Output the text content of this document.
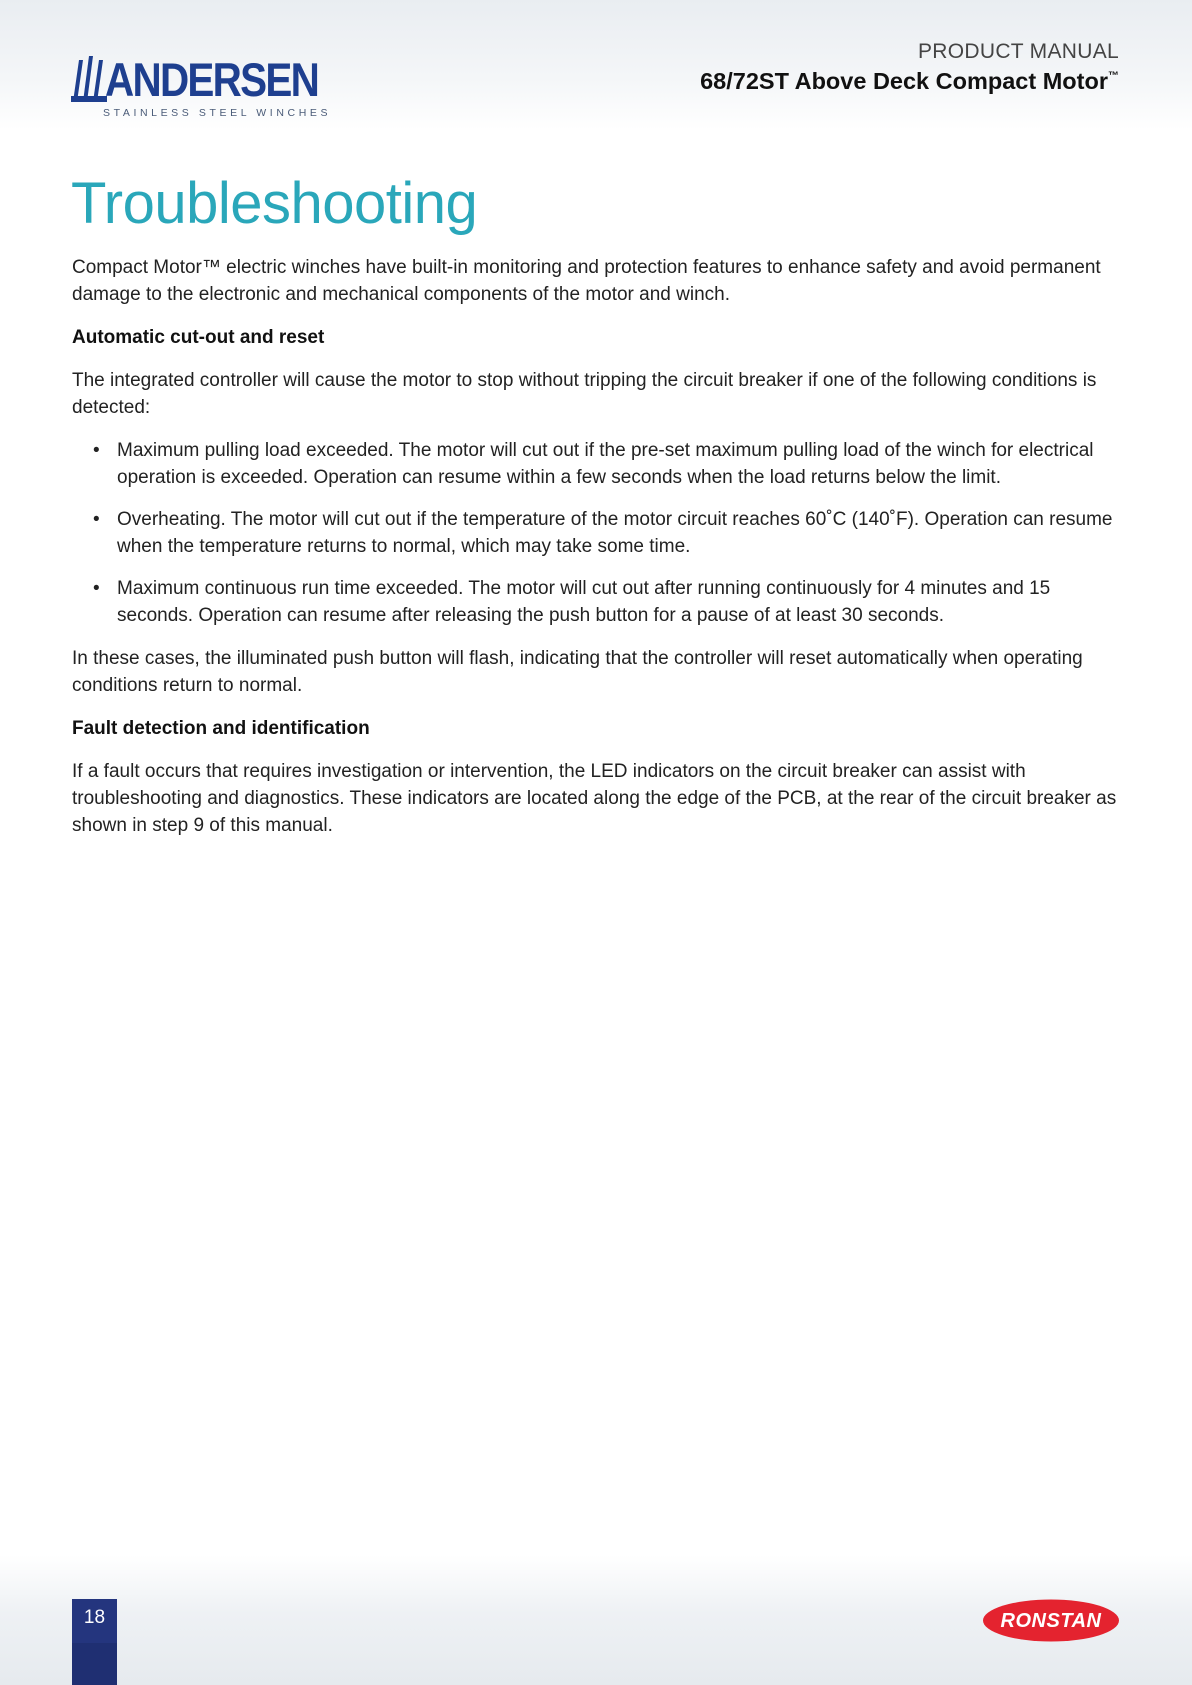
ANDERSEN
STAINLESS STEEL WINCHES
PRODUCT MANUAL
68/72ST Above Deck Compact Motor™
Troubleshooting

Compact Motor™ electric winches have built-in monitoring and protection features to enhance safety and avoid permanent damage to the electronic and mechanical components of the motor and winch.

Automatic cut-out and reset

The integrated controller will cause the motor to stop without tripping the circuit breaker if one of the following conditions is detected:

• Maximum pulling load exceeded. The motor will cut out if the pre-set maximum pulling load of the winch for electrical operation is exceeded. Operation can resume within a few seconds when the load returns below the limit.
• Overheating. The motor will cut out if the temperature of the motor circuit reaches 60˚C (140˚F). Operation can resume when the temperature returns to normal, which may take some time.
• Maximum continuous run time exceeded. The motor will cut out after running continuously for 4 minutes and 15 seconds. Operation can resume after releasing the push button for a pause of at least 30 seconds.

In these cases, the illuminated push button will flash, indicating that the controller will reset automatically when operating conditions return to normal.

Fault detection and identification

If a fault occurs that requires investigation or intervention, the LED indicators on the circuit breaker can assist with troubleshooting and diagnostics. These indicators are located along the edge of the PCB, at the rear of the circuit breaker as shown in step 9 of this manual.

18	RONSTAN
